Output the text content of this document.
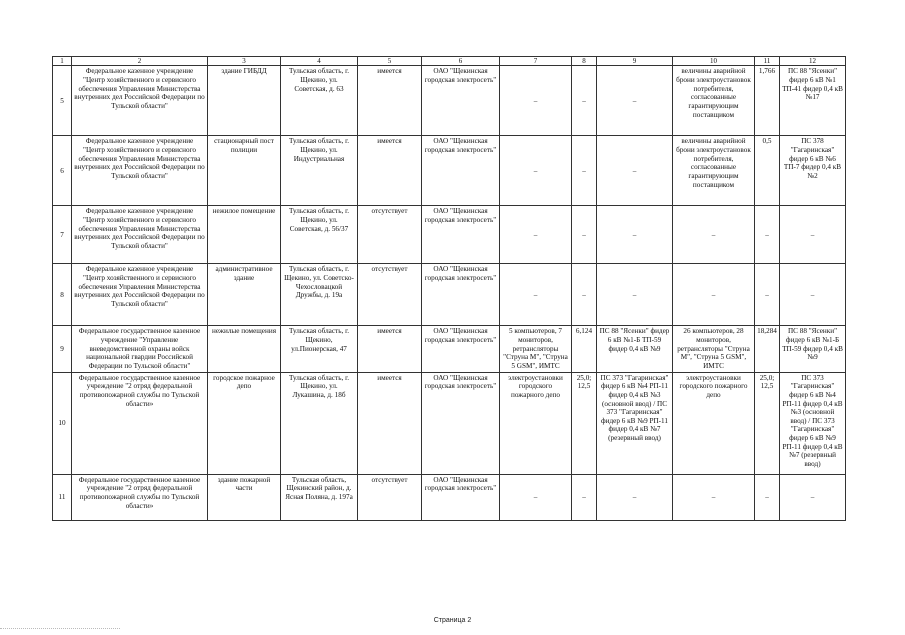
1	2	3	4	5	6	7	8	9	10	11	12
5	Федеральное казенное учреждение "Центр хозяйственного и сервисного обеспечения Управления Министерства внутренних дел Российской Федерации по Тульской области"	здание ГИБДД	Тульская область, г. Щекино, ул. Советская, д. 63	имеется	ОАО "Щекинская городская электросеть"	–	–	–	величины аварийной брони электроустановок потребителя, согласованные гарантирующим поставщиком	1,766	ПС 88 "Ясенки" фидер 6 кВ №1 ТП-41 фидер 0,4 кВ №17
6	Федеральное казенное учреждение "Центр хозяйственного и сервисного обеспечения Управления Министерства внутренних дел Российской Федерации по Тульской области"	стационарный пост полиции	Тульская область, г. Щекино, ул. Индустриальная	имеется	ОАО "Щекинская городская электросеть"	–	–	–	величины аварийной брони электроустановок потребителя, согласованные гарантирующим поставщиком	0,5	ПС 378 "Гагаринская" фидер 6 кВ №6 ТП-7 фидер 0,4 кВ №2
7	Федеральное казенное учреждение "Центр хозяйственного и сервисного обеспечения Управления Министерства внутренних дел Российской Федерации по Тульской области"	нежилое помещение	Тульская область, г. Щекино, ул. Советская, д. 56/37	отсутствует	ОАО "Щекинская городская электросеть"	–	–	–	–	–	–
8	Федеральное казенное учреждение "Центр хозяйственного и сервисного обеспечения Управления Министерства внутренних дел Российской Федерации по Тульской области"	административное здание	Тульская область, г. Щекино, ул. Советско-Чехословацкой Дружбы, д. 19а	отсутствует	ОАО "Щекинская городская электросеть"	–	–	–	–	–	–
9	Федеральное государственное казенное учреждение "Управление вневедомственной охраны войск национальной гвардии Российской Федерации по Тульской области"	нежилые помещения	Тульская область, г. Щекино, ул.Пионерская, 47	имеется	ОАО "Щекинская городская электросеть"	5 компьютеров, 7 мониторов, ретрансляторы "Струна М", "Струна 5 GSM", ИМТС	6,124	ПС 88 "Ясенки" фидер 6 кВ №1-Б ТП-59 фидер 0,4 кВ №9	26 компьютеров, 28 мониторов, ретрансляторы "Струна М", "Струна 5 GSM", ИМТС	18,284	ПС 88 "Ясенки" фидер 6 кВ №1-Б ТП-59 фидер 0,4 кВ №9
10	Федеральное государственное казенное учреждение "2 отряд федеральной противопожарной службы по Тульской области»	городское пожарное депо	Тульская область, г. Щекино, ул. Лукашина, д. 18б	имеется	ОАО "Щекинская городская электросеть"	электроустановки городского пожарного депо	25,0; 12,5	ПС 373 "Гагаринская" фидер 6 кВ №4 РП-11 фидер 0,4 кВ №3 (основной ввод) / ПС 373 "Гагаринская" фидер 6 кВ №9 РП-11 фидер 0,4 кВ №7 (резервный ввод)	электроустановки городского пожарного депо	25,0; 12,5	ПС 373 "Гагаринская" фидер 6 кВ №4 РП-11 фидер 0,4 кВ №3 (основной ввод) / ПС 373 "Гагаринская" фидер 6 кВ №9 РП-11 фидер 0,4 кВ №7 (резервный ввод)
11	Федеральное государственное казенное учреждение "2 отряд федеральной противопожарной службы по Тульской области»	здание пожарной части	Тульская область, Щекинский район, д. Ясная Поляна, д. 197а	отсутствует	ОАО "Щекинская городская электросеть"	–	–	–	–	–	–
Страница 2
